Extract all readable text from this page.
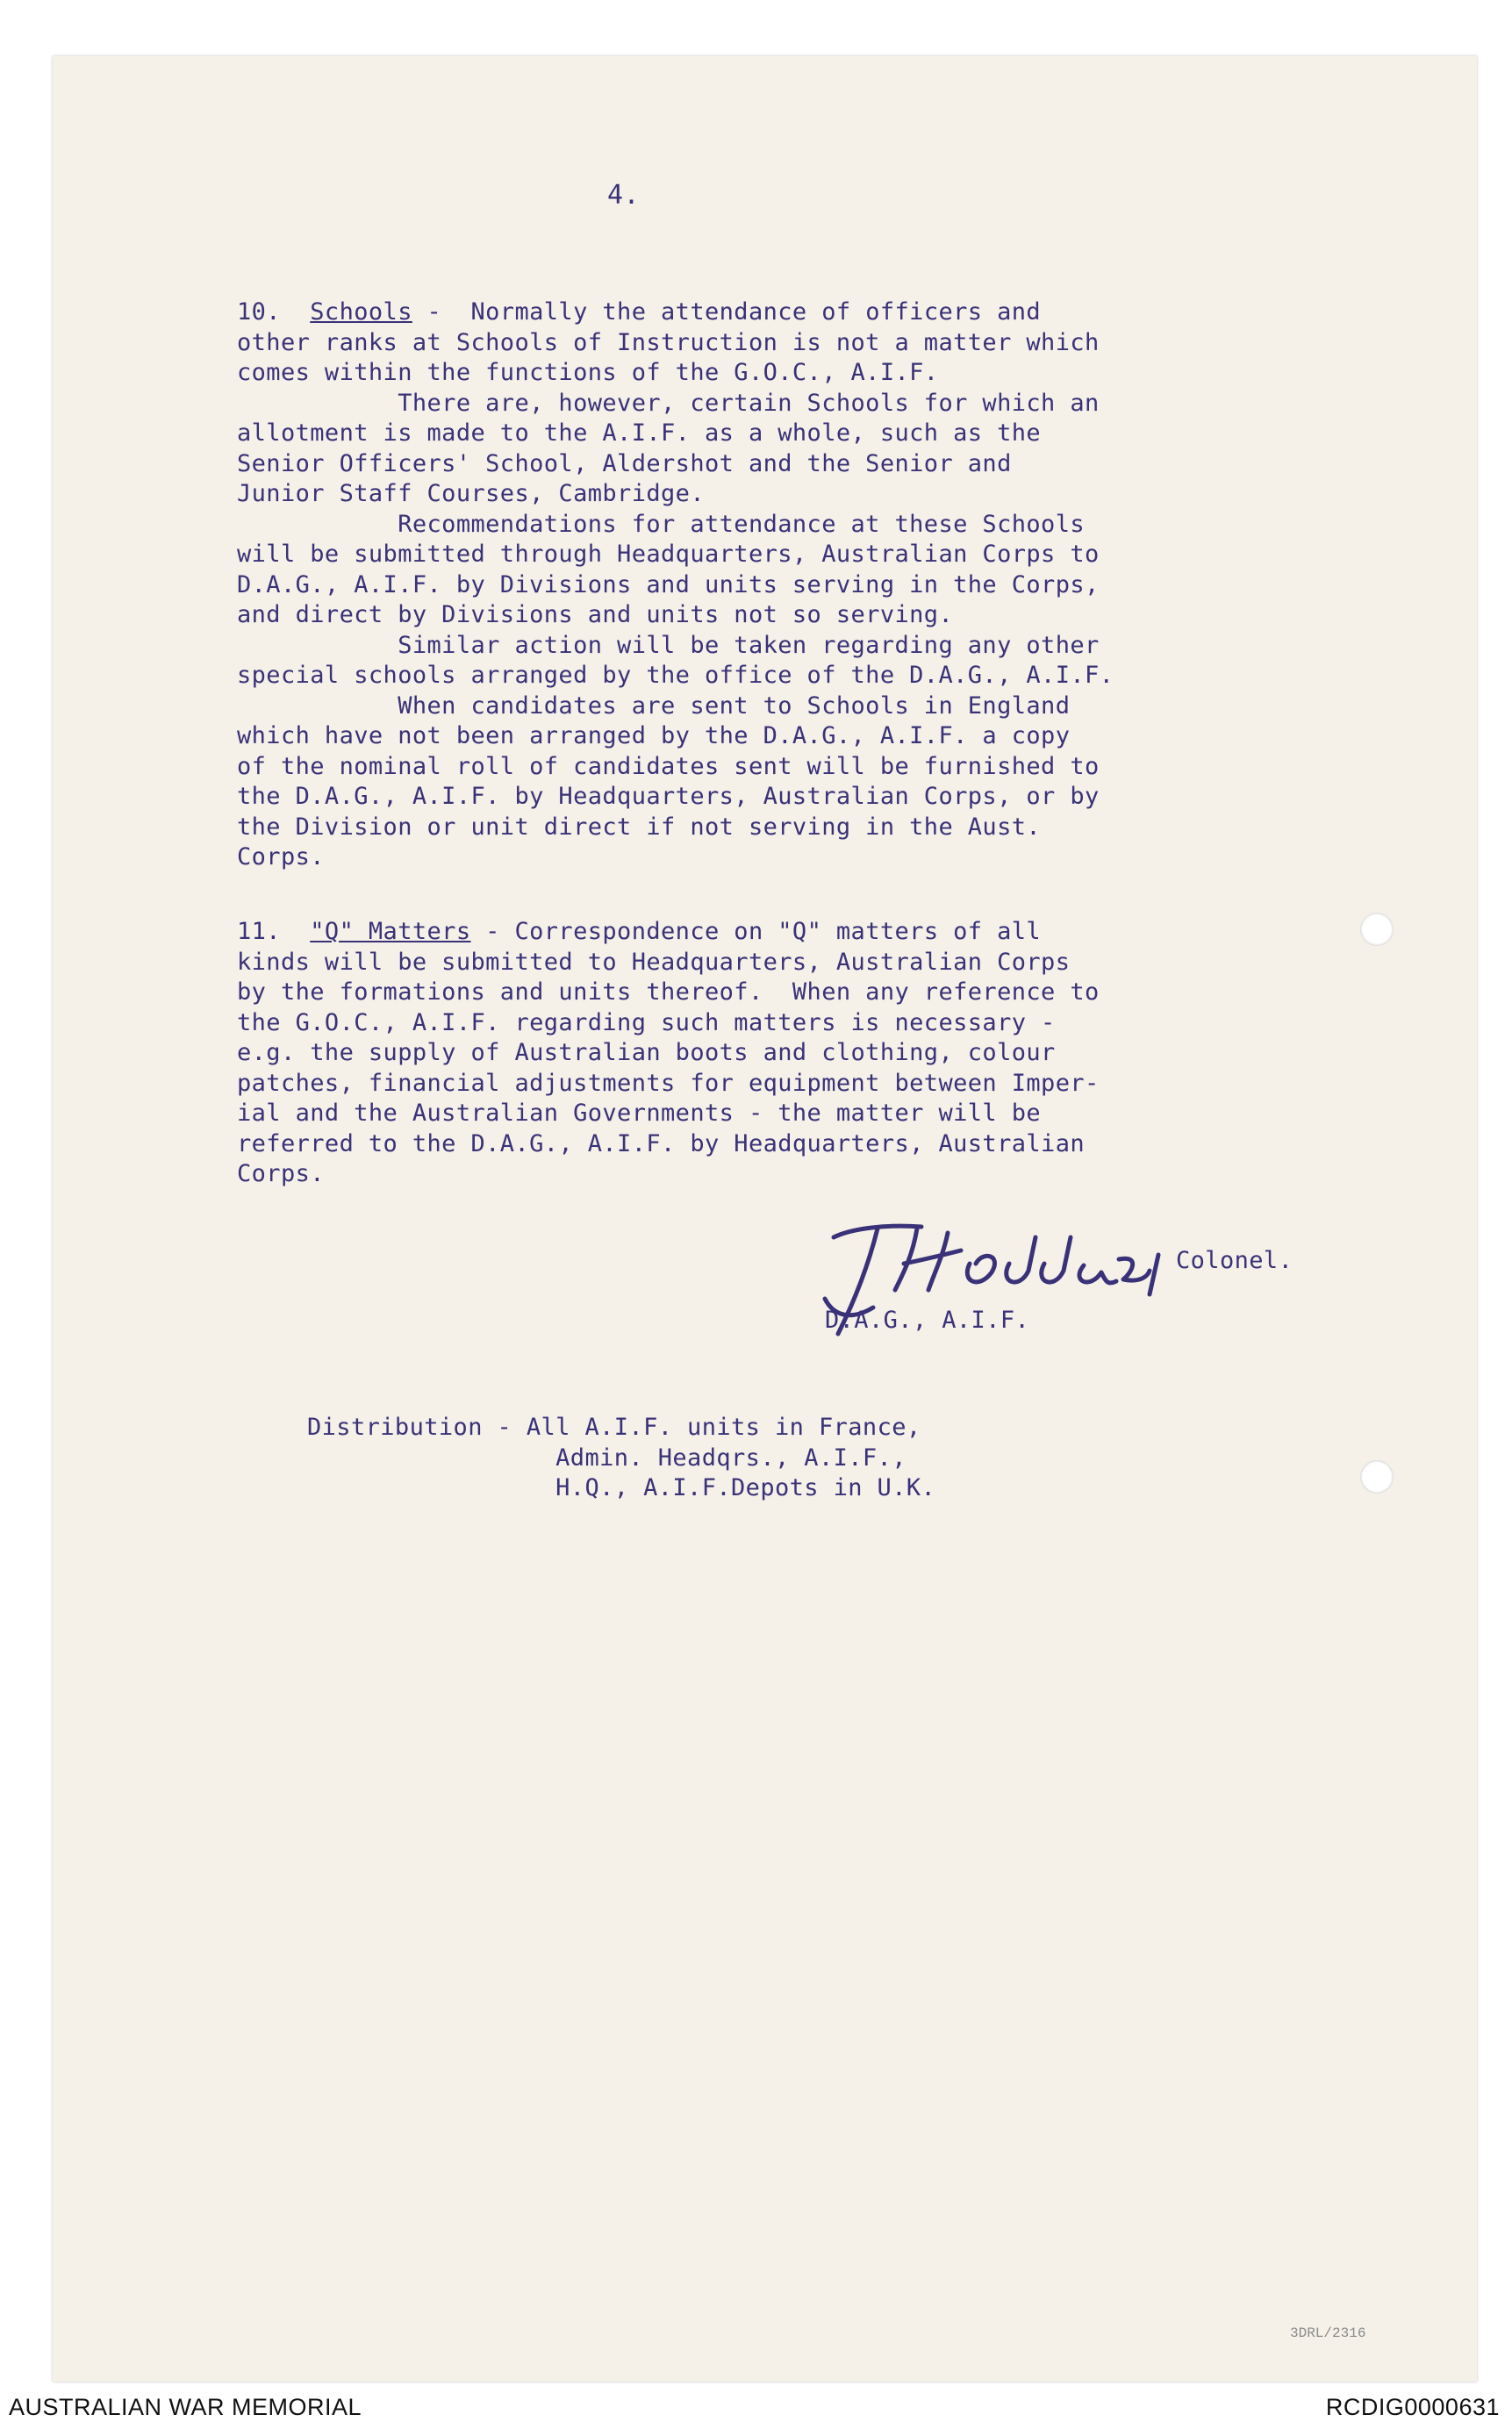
4.

10. Schools -  Normally the attendance of officers and
other ranks at Schools of Instruction is not a matter which
comes within the functions of the G.O.C., A.I.F.
There are, however, certain Schools for which an
allotment is made to the A.I.F. as a whole, such as the
Senior Officers' School, Aldershot and the Senior and
Junior Staff Courses, Cambridge.
Recommendations for attendance at these Schools
will be submitted through Headquarters, Australian Corps to
D.A.G., A.I.F. by Divisions and units serving in the Corps,
and direct by Divisions and units not so serving.
Similar action will be taken regarding any other
special schools arranged by the office of the D.A.G., A.I.F.
When candidates are sent to Schools in England
which have not been arranged by the D.A.G., A.I.F. a copy
of the nominal roll of candidates sent will be furnished to
the D.A.G., A.I.F. by Headquarters, Australian Corps, or by
the Division or unit direct if not serving in the Aust.
Corps.

11. "Q" Matters - Correspondence on "Q" matters of all
kinds will be submitted to Headquarters, Australian Corps
by the formations and units thereof.  When any reference to
the G.O.C., A.I.F. regarding such matters is necessary -
e.g. the supply of Australian boots and clothing, colour
patches, financial adjustments for equipment between Imper-
ial and the Australian Governments - the matter will be
referred to the D.A.G., A.I.F. by Headquarters, Australian
Corps.

Colonel.
D.A.G., A.I.F.
Distribution - All A.I.F. units in France,
Admin. Headqrs., A.I.F.,
H.Q., A.I.F.Depots in U.K.
3DRL/2316
AUSTRALIAN WAR MEMORIAL	RCDIG0000631
